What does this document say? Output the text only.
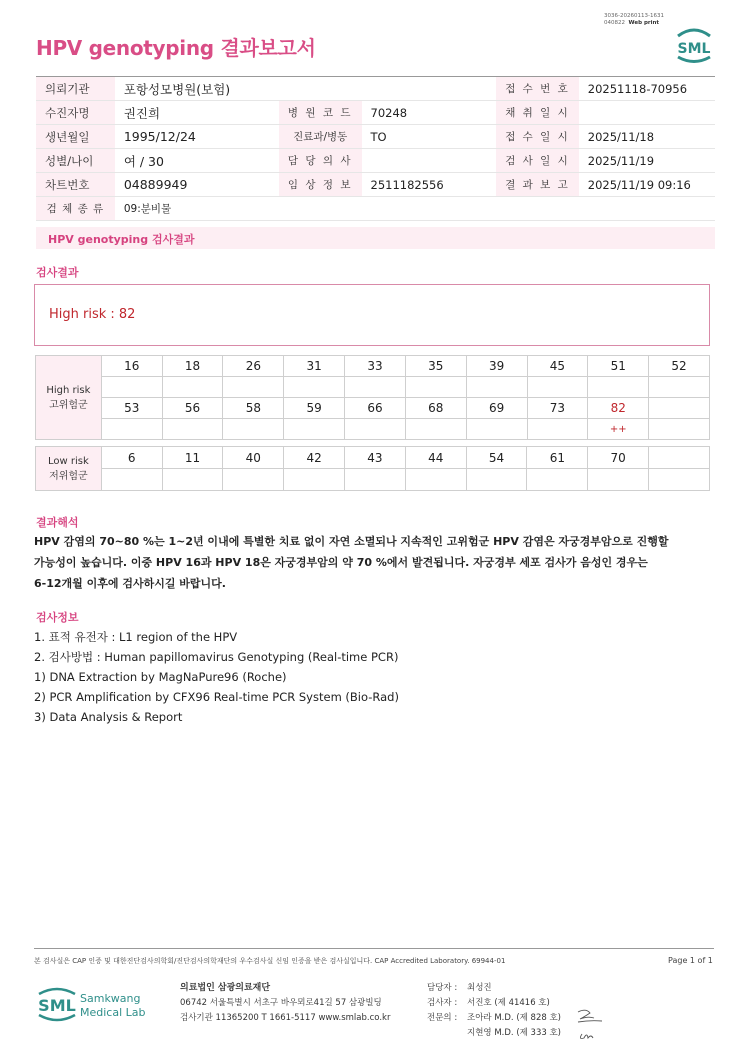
3036-20260113-1631
040822 Web print
HPV genotyping 결과보고서	SML
의뢰기관	포항성모병원(보험)			접 수 번 호	20251118-70956
수진자명	권진희	병 원 코 드	70248	채 취 일 시	
생년월일	1995/12/24	진료과/병동	TO	접 수 일 시	2025/11/18
성별/나이	여 / 30	담 당 의 사		검 사 일 시	2025/11/19
차트번호	04889949	임 상 정 보	2511182556	결 과 보 고	2025/11/19 09:16
검 체 종 류	09:분비물				
HPV genotyping 검사결과
검사결과
High risk : 82
High risk
고위험군	16	18	26	31	33	35	39	45	51	52

	53	56	58	59	66	68	69	73	82	
									++	
Low risk
저위험군	6	11	40	42	43	44	54	61	70	

결과해석
HPV 감염의 70~80 %는 1~2년 이내에 특별한 치료 없이 자연 소멸되나 지속적인 고위험군 HPV 감염은 자궁경부암으로 진행할
가능성이 높습니다. 이중 HPV 16과 HPV 18은 자궁경부암의 약 70 %에서 발견됩니다. 자궁경부 세포 검사가 음성인 경우는
6-12개월 이후에 검사하시길 바랍니다.
검사정보
1. 표적 유전자 : L1 region of the HPV
2. 검사방법 : Human papillomavirus Genotyping (Real-time PCR)
1) DNA Extraction by MagNaPure96 (Roche)
2) PCR Amplification by CFX96 Real-time PCR System (Bio-Rad)
3) Data Analysis & Report
본 검사실은 CAP 인증 및 대한진단검사의학회/진단검사의학재단의 우수검사실 신임 인증을 받은 검사실입니다. CAP Accredited Laboratory. 69944-01	Page 1 of 1
SML Samkwang
Medical Lab
의료법인 삼광의료재단
06742 서울특별시 서초구 바우뫼로41길 57 삼광빌딩
검사기관 11365200 T 1661-5117 www.smlab.co.kr
담당자 :	최성진
검사자 :	서진호 (제 41416 호)
전문의 :	조아라 M.D. (제 828 호)
지현영 M.D. (제 333 호)
